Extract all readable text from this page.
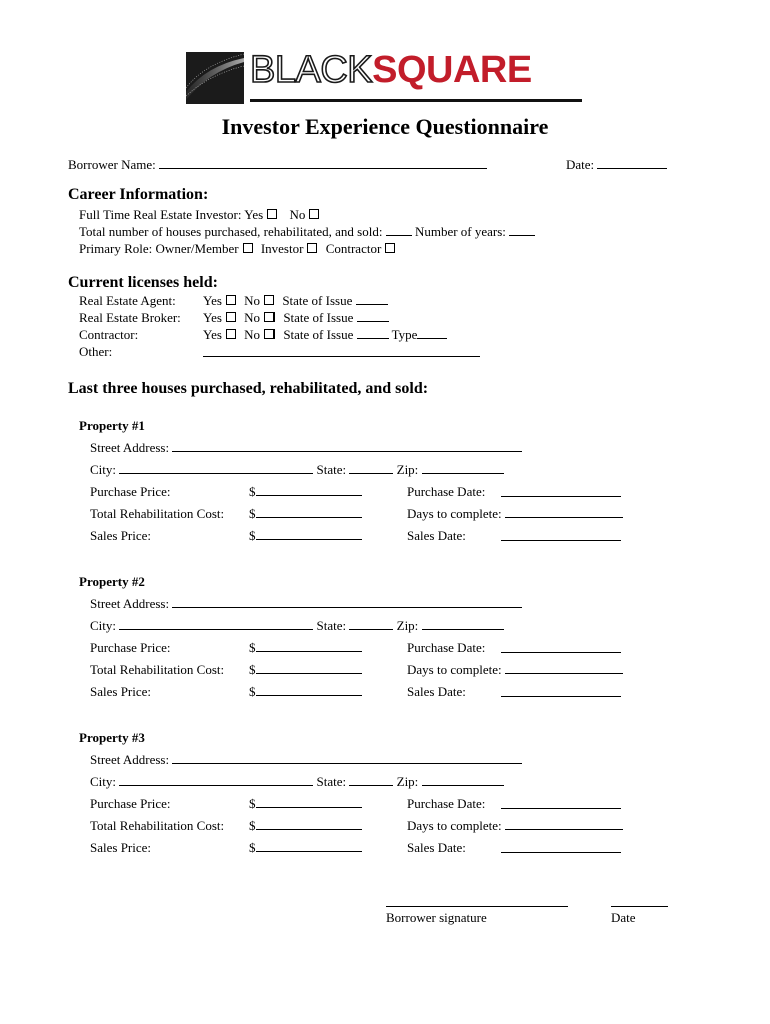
BLACKSQUARE
Investor Experience Questionnaire
Borrower Name:	Date:
Career Information:
Full Time Real Estate Investor: Yes No
Total number of houses purchased, rehabilitated, and sold:	Number of years:
Primary Role: Owner/Member Investor Contractor
Current licenses held:
Real Estate Agent: Yes No State of Issue
Real Estate Broker: Yes No State of Issue
Contractor:	Yes No State of Issue	Type
Other:
Last three houses purchased, rehabilitated, and sold:
Property #1
Street Address:
City:	State:	Zip:
Purchase Price:	$	Purchase Date:
Total Rehabilitation Cost: $	Days to complete:
Sales Price:	$	Sales Date:
Property #2
Street Address:
City:	State:	Zip:
Purchase Price:	$	Purchase Date:
Total Rehabilitation Cost: $	Days to complete:
Sales Price:	$	Sales Date:
Property #3
Street Address:
City:	State:	Zip:
Purchase Price:	$	Purchase Date:
Total Rehabilitation Cost: $	Days to complete:
Sales Price:	$	Sales Date:
Borrower signature	Date
